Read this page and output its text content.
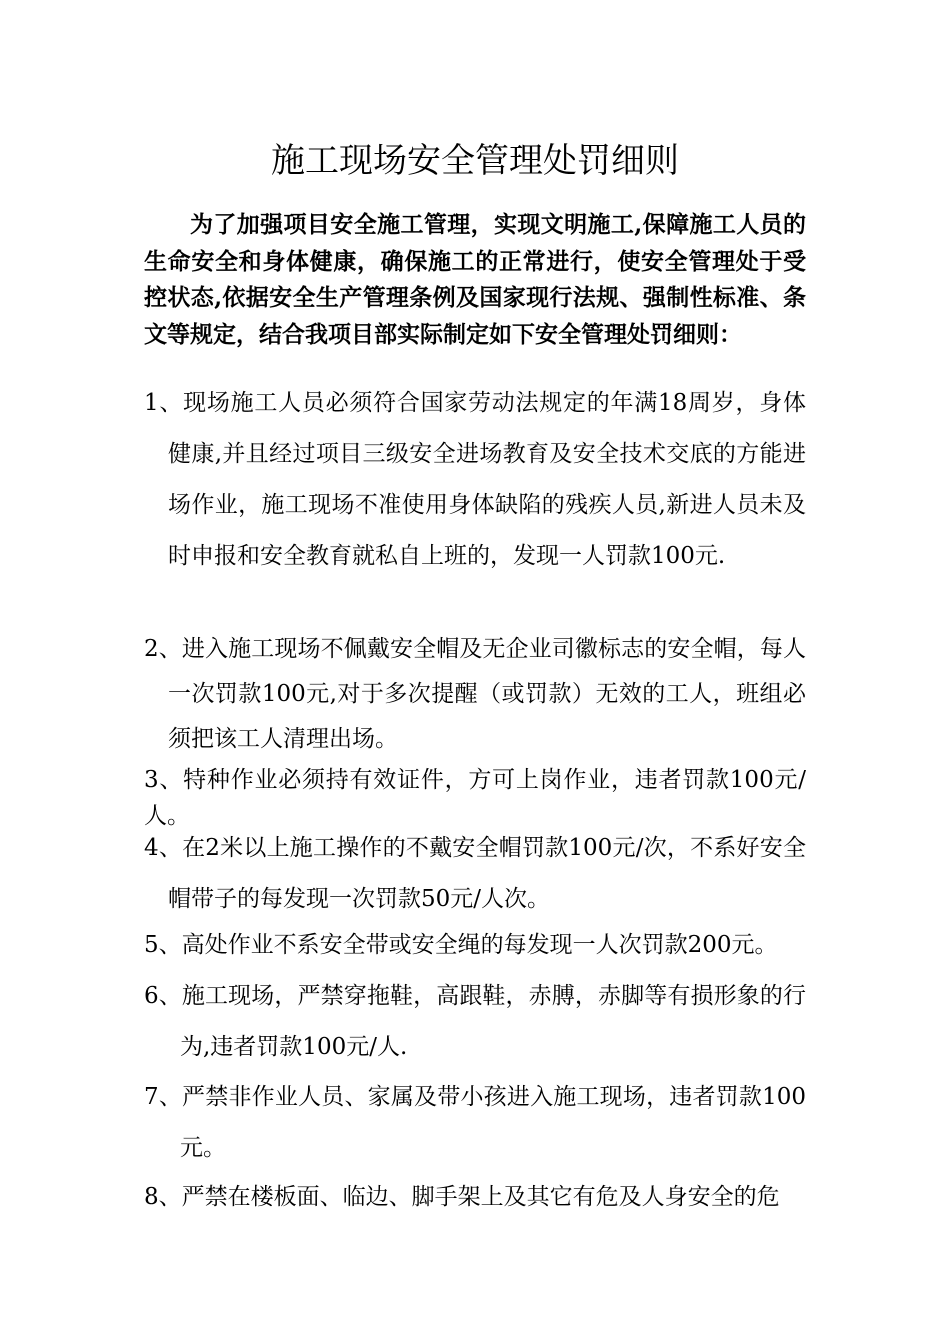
施工现场安全管理处罚细则
为了加强项目安全施工管理，实现文明施工,保障施工人员的生命安全和身体健康，确保施工的正常进行，使安全管理处于受控状态,依据安全生产管理条例及国家现行法规、强制性标准、条文等规定，结合我项目部实际制定如下安全管理处罚细则：
1、现场施工人员必须符合国家劳动法规定的年满18周岁，身体健康,并且经过项目三级安全进场教育及安全技术交底的方能进场作业，施工现场不准使用身体缺陷的残疾人员,新进人员未及时申报和安全教育就私自上班的，发现一人罚款100元.
2、进入施工现场不佩戴安全帽及无企业司徽标志的安全帽，每人一次罚款100元,对于多次提醒（或罚款）无效的工人，班组必须把该工人清理出场。
3、特种作业必须持有效证件，方可上岗作业，违者罚款100元/人。
4、在2米以上施工操作的不戴安全帽罚款100元/次，不系好安全帽带子的每发现一次罚款50元/人次。
5、高处作业不系安全带或安全绳的每发现一人次罚款200元。
6、施工现场，严禁穿拖鞋，高跟鞋，赤膊，赤脚等有损形象的行为,违者罚款100元/人.
7、严禁非作业人员、家属及带小孩进入施工现场，违者罚款100元。
8、严禁在楼板面、临边、脚手架上及其它有危及人身安全的危
